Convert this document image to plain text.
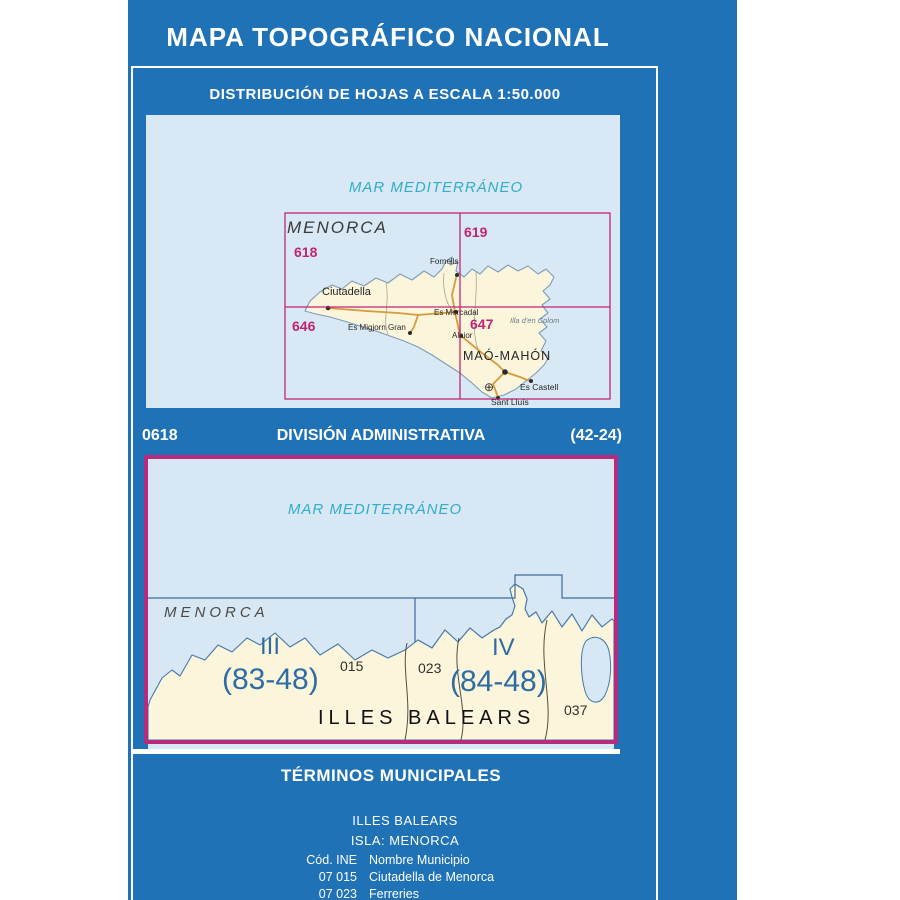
MAPA TOPOGRÁFICO NACIONAL
DISTRIBUCIÓN DE HOJAS A ESCALA 1:50.000
MAR MEDITERRÁNEO
MENORCA
618
619
646	647
Ciutadella
Fornells
Es Mercadal
Alaior
Es Migjorn Gran
MAÓ-MAHÓN
Es Castell
Sant Lluís
Illa d'en Colom
⊕
0618	DIVISIÓN ADMINISTRATIVA	(42-24)
MAR MEDITERRÁNEO
MENORCA
III
(83-48)
IV
(84-48)
015	023
037
ILLES BALEARS
TÉRMINOS MUNICIPALES
ILLES BALEARS
ISLA: MENORCA
Cód. INE Nombre Municipio
07 015 Ciutadella de Menorca
07 023 Ferreries
